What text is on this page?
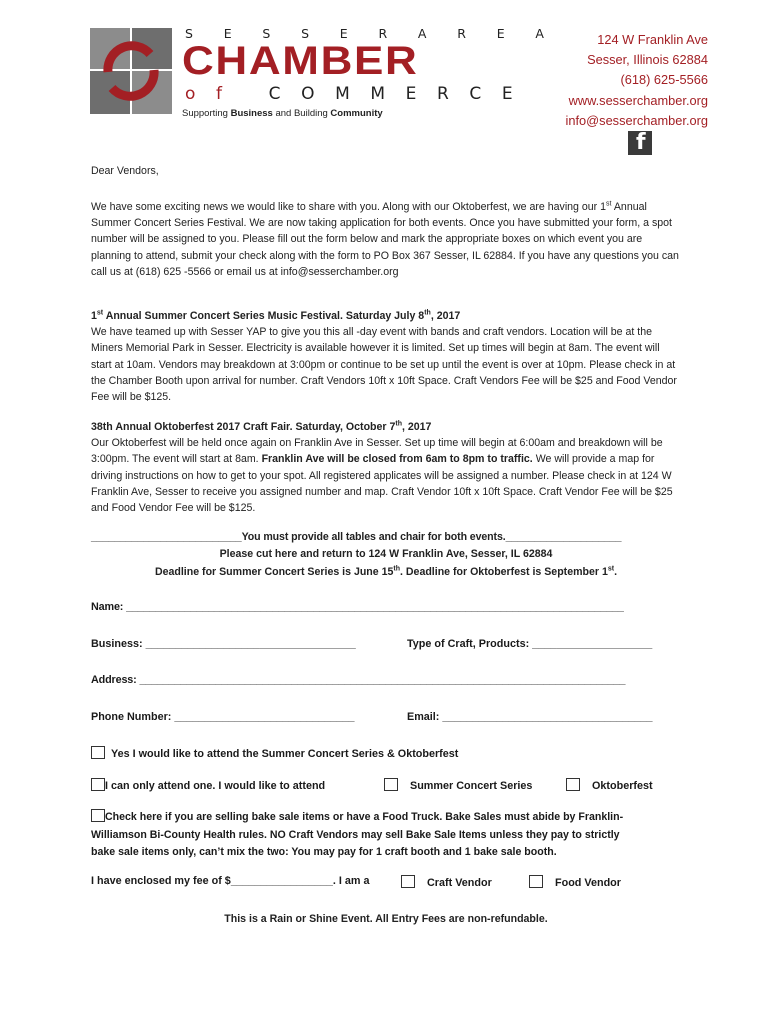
S E S S E R A R E A
CHAMBER
o f C O M M E R C E
Supporting Business and Building Community
124 W Franklin Ave
Sesser, Illinois 62884
(618) 625-5566
www.sesserchamber.org
info@sesserchamber.org
f
Dear Vendors,

We have some exciting news we would like to share with you. Along with our Oktoberfest, we are having our 1st Annual Summer Concert Series Festival. We are now taking application for both events. Once you have submitted your form, a spot number will be assigned to you. Please fill out the form below and mark the appropriate boxes on which event you are planning to attend, submit your check along with the form to PO Box 367 Sesser, IL 62884. If you have any questions you can call us at (618) 625 -5566 or email us at info@sesserchamber.org

1st Annual Summer Concert Series Music Festival. Saturday July 8th, 2017

We have teamed up with Sesser YAP to give you this all -day event with bands and craft vendors. Location will be at the Miners Memorial Park in Sesser. Electricity is available however it is limited. Set up times will begin at 8am. The event will start at 10am. Vendors may breakdown at 3:00pm or continue to be set up until the event is over at 10pm. Please check in at the Chamber Booth upon arrival for number. Craft Vendors 10ft x 10ft Space. Craft Vendors Fee will be $25 and Food Vendor Fee will be $125.

38th Annual Oktoberfest 2017 Craft Fair. Saturday, October 7th, 2017

Our Oktoberfest will be held once again on Franklin Ave in Sesser. Set up time will begin at 6:00am and breakdown will be 3:00pm. The event will start at 8am. Franklin Ave will be closed from 6am to 8pm to traffic. We will provide a map for driving instructions on how to get to your spot. All registered applicates will be assigned a number. Please check in at 124 W Franklin Ave, Sesser to receive you assigned number and map. Craft Vendor 10ft x 10ft Space. Craft Vendor Fee will be $25 and Food Vendor Fee will be $125.

__________________________You must provide all tables and chair for both events.____________________
Please cut here and return to 124 W Franklin Ave, Sesser, IL 62884
Deadline for Summer Concert Series is June 15th. Deadline for Oktoberfest is September 1st.
Name: _____________________________________________________________________________________
Business: ___________________________________	Type of Craft, Products: ____________________
Address: ___________________________________________________________________________________
Phone Number: ______________________________	Email: ___________________________________
Yes I would like to attend the Summer Concert Series & Oktoberfest
I can only attend one. I would like to attend	Summer Concert Series	Oktoberfest
Check here if you are selling bake sale items or have a Food Truck. Bake Sales must abide by Franklin-
Williamson Bi-County Health rules. NO Craft Vendors may sell Bake Sale Items unless they pay to strictly
bake sale items only, can’t mix the two: You may pay for 1 craft booth and 1 bake sale booth.
I have enclosed my fee of $_________________. I am a	Craft Vendor	Food Vendor
This is a Rain or Shine Event. All Entry Fees are non-refundable.
